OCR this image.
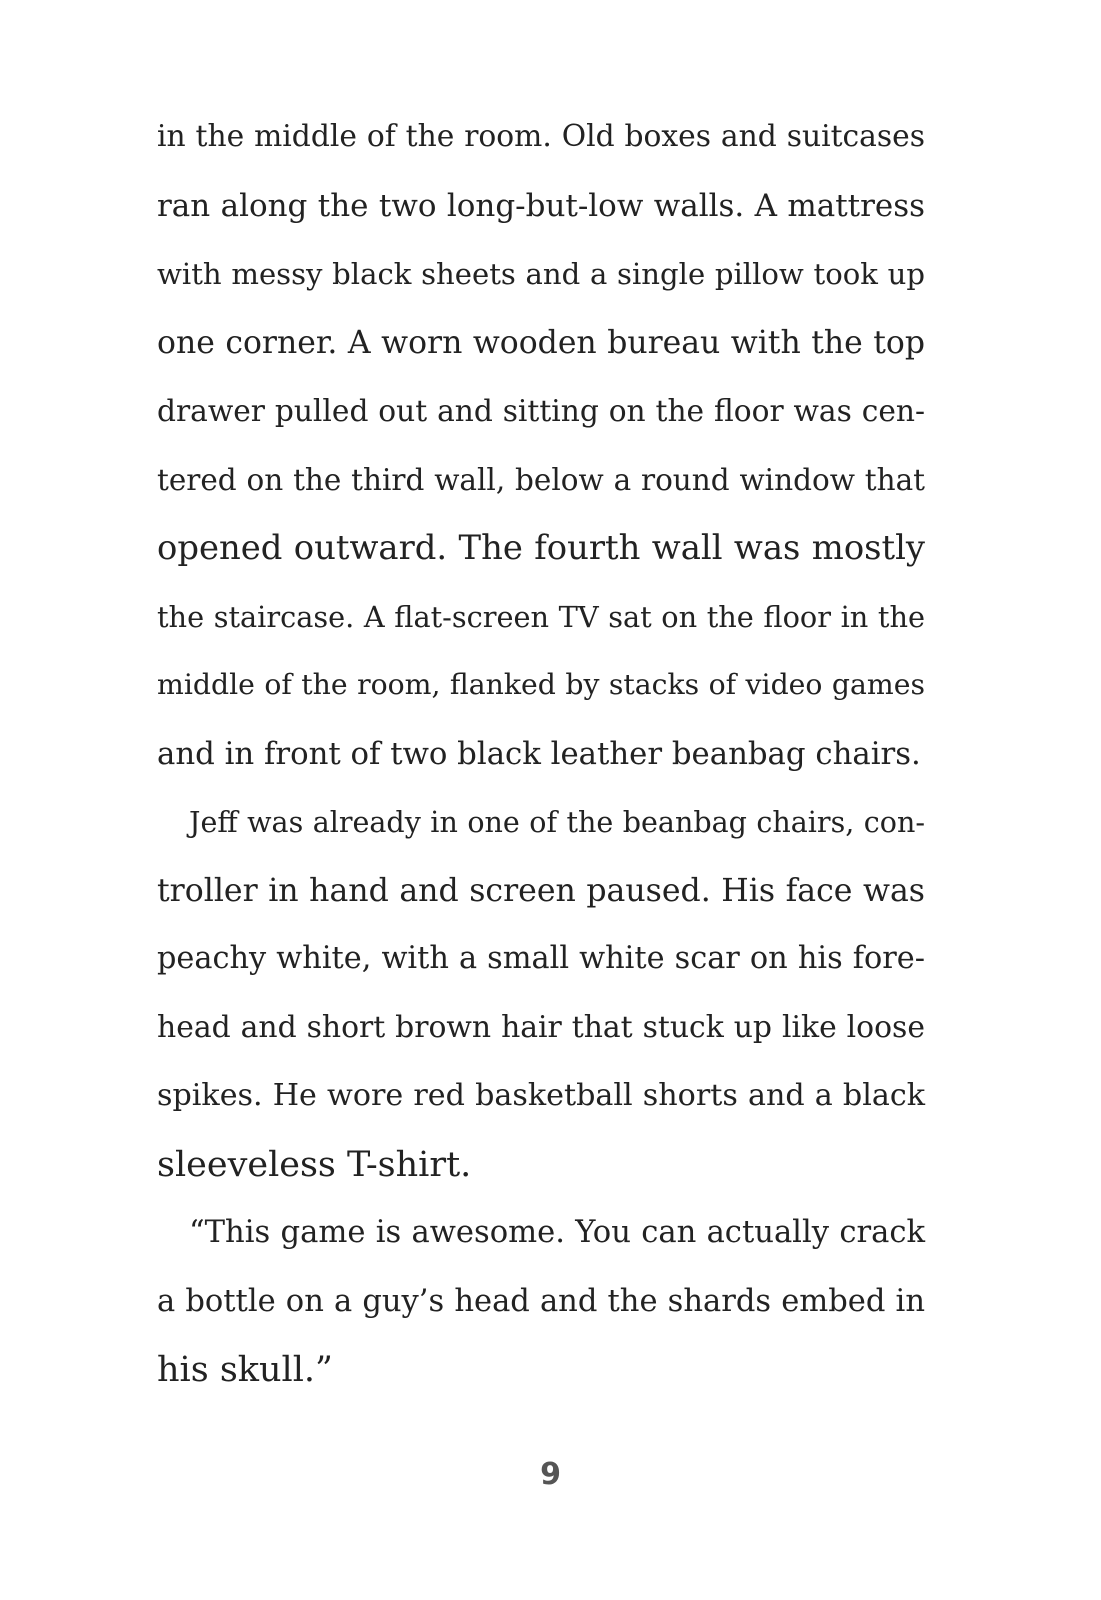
in the middle of the room. Old boxes and suitcases
ran along the two long-but-low walls. A mattress
with messy black sheets and a single pillow took up
one corner. A worn wooden bureau with the top
drawer pulled out and sitting on the floor was cen-
tered on the third wall, below a round window that
opened outward. The fourth wall was mostly
the staircase. A flat-screen TV sat on the floor in the
middle of the room, flanked by stacks of video games
and in front of two black leather beanbag chairs.

Jeff was already in one of the beanbag chairs, con-
troller in hand and screen paused. His face was
peachy white, with a small white scar on his fore-
head and short brown hair that stuck up like loose
spikes. He wore red basketball shorts and a black
sleeveless T-shirt.

“This game is awesome. You can actually crack
a bottle on a guy’s head and the shards embed in
his skull.”

9
